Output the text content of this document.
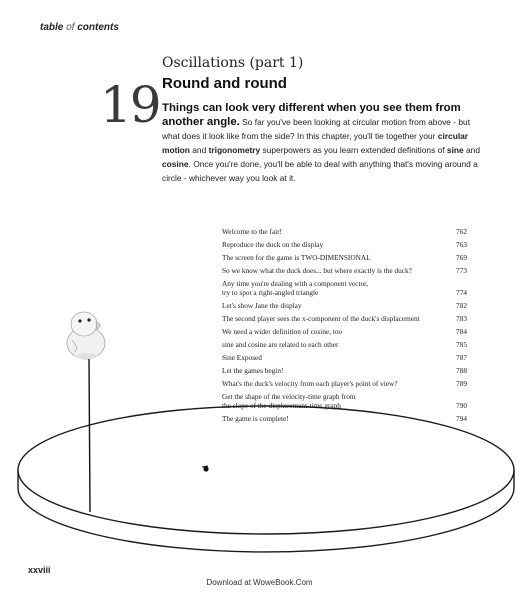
table of contents
Oscillations (part 1)
Round and round
19 Things can look very different when you see them from another angle. So far you've been looking at circular motion from above - but what does it look like from the side? In this chapter, you'll tie together your circular motion and trigonometry superpowers as you learn extended definitions of sine and cosine. Once you're done, you'll be able to deal with anything that's moving around a circle - whichever way you look at it.
Welcome to the fair!	762
Reproduce the duck on the display	763
The screen for the game is TWO-DIMENSIONAL	769
So we know what the duck does... but where exactly is the duck?	773
Any time you're dealing with a component vector,
try to spot a right-angled triangle	774
Let's show Jane the display	782
The second player sees the x-component of the duck's displacement	783
We need a wider definition of cosine, too	784
sine and cosine are related to each other	785
Sine Exposed	787
Let the games begin!	788
What's the duck's velocity from each player's point of view?	789
Get the shape of the velocity-time graph from
the slope of the displacement-time graph	790
The game is complete!	794
xxviii
Download at WoweBook.Com
